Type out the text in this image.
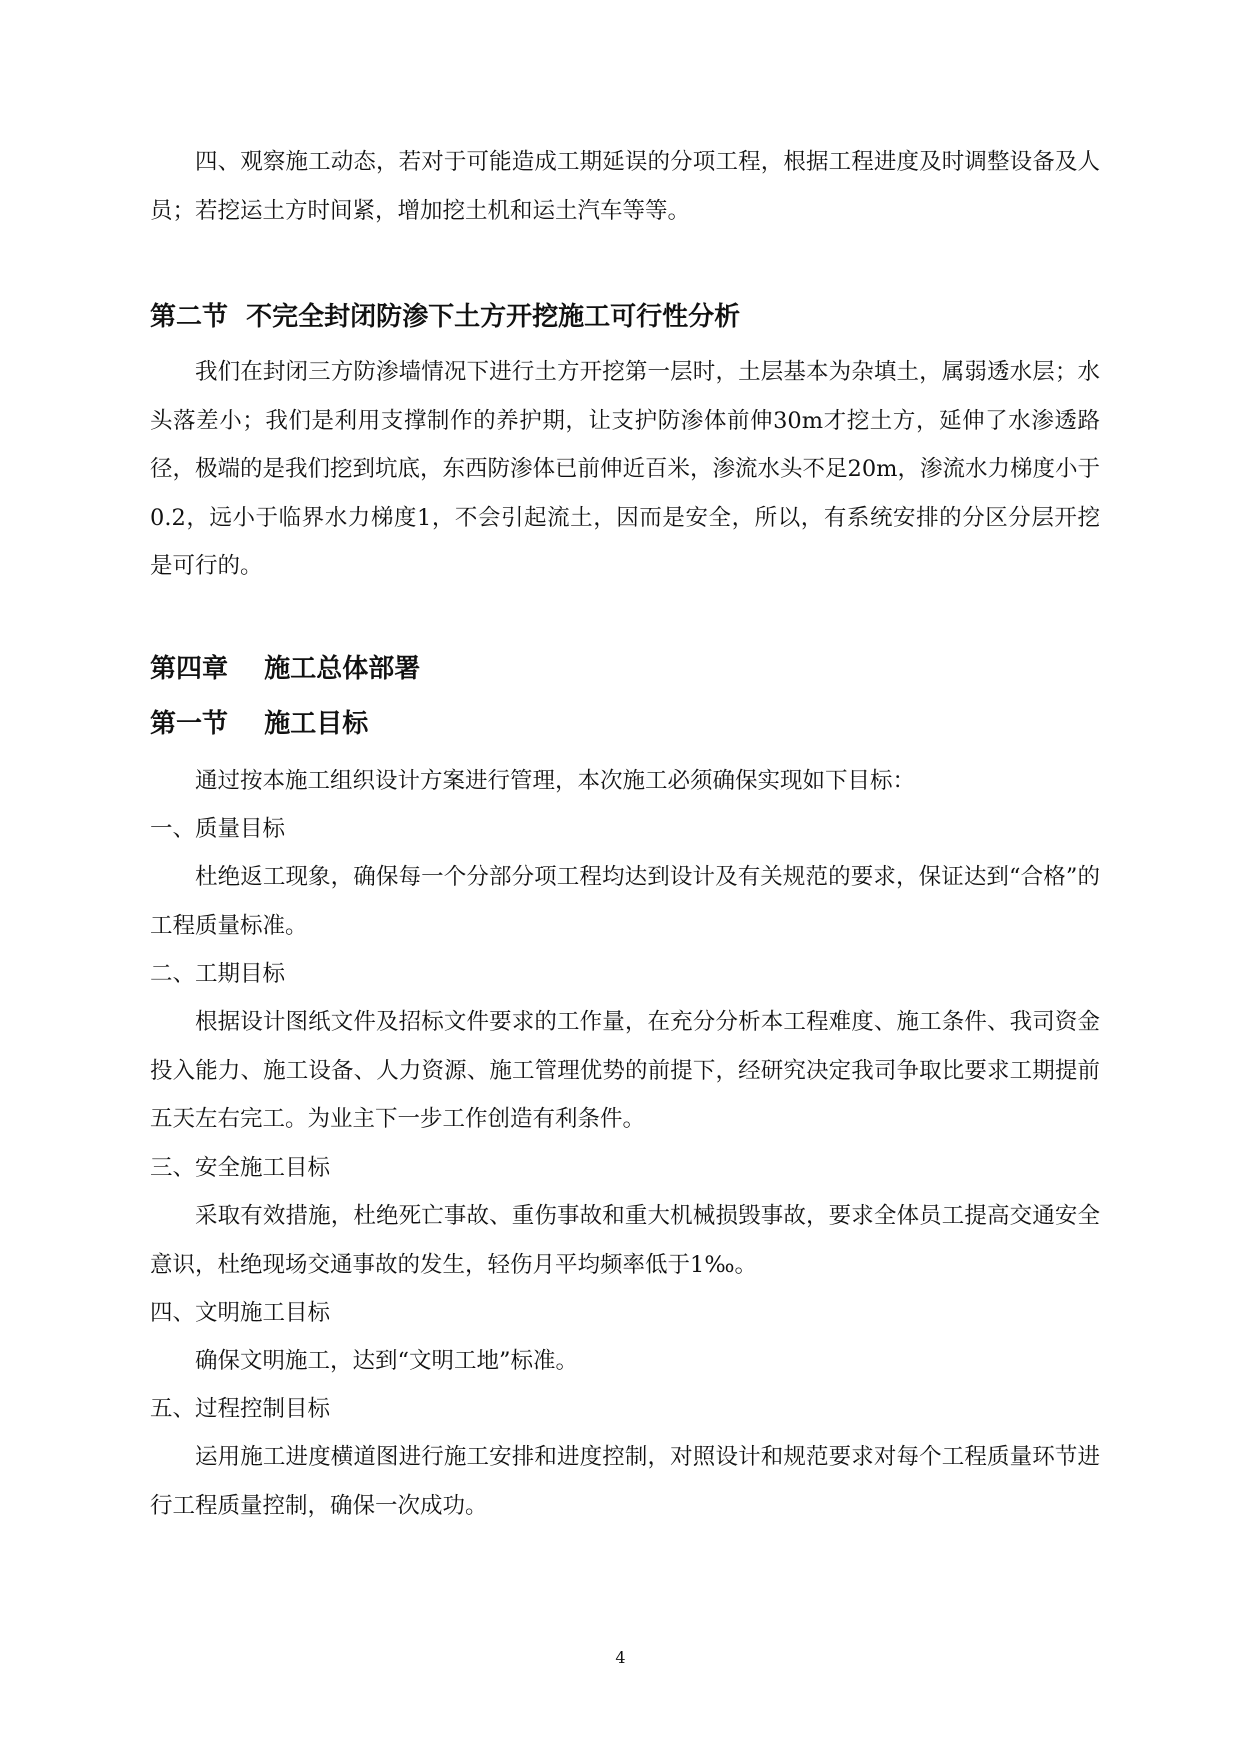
四、观察施工动态，若对于可能造成工期延误的分项工程，根据工程进度及时调整设备及人员；若挖运土方时间紧，增加挖土机和运土汽车等等。

第二节  不完全封闭防渗下土方开挖施工可行性分析

我们在封闭三方防渗墙情况下进行土方开挖第一层时，土层基本为杂填土，属弱透水层；水头落差小；我们是利用支撑制作的养护期，让支护防渗体前伸30m才挖土方，延伸了水渗透路径，极端的是我们挖到坑底，东西防渗体已前伸近百米，渗流水头不足20m，渗流水力梯度小于0.2，远小于临界水力梯度1，不会引起流土，因而是安全，所以，有系统安排的分区分层开挖是可行的。

第四章    施工总体部署
第一节    施工目标

通过按本施工组织设计方案进行管理，本次施工必须确保实现如下目标：

一、质量目标

杜绝返工现象，确保每一个分部分项工程均达到设计及有关规范的要求，保证达到“合格”的工程质量标准。

二、工期目标

根据设计图纸文件及招标文件要求的工作量，在充分分析本工程难度、施工条件、我司资金投入能力、施工设备、人力资源、施工管理优势的前提下，经研究决定我司争取比要求工期提前五天左右完工。为业主下一步工作创造有利条件。

三、安全施工目标

采取有效措施，杜绝死亡事故、重伤事故和重大机械损毁事故，要求全体员工提高交通安全意识，杜绝现场交通事故的发生，轻伤月平均频率低于1‰。

四、文明施工目标

确保文明施工，达到“文明工地”标准。

五、过程控制目标

运用施工进度横道图进行施工安排和进度控制，对照设计和规范要求对每个工程质量环节进行工程质量控制，确保一次成功。

4
